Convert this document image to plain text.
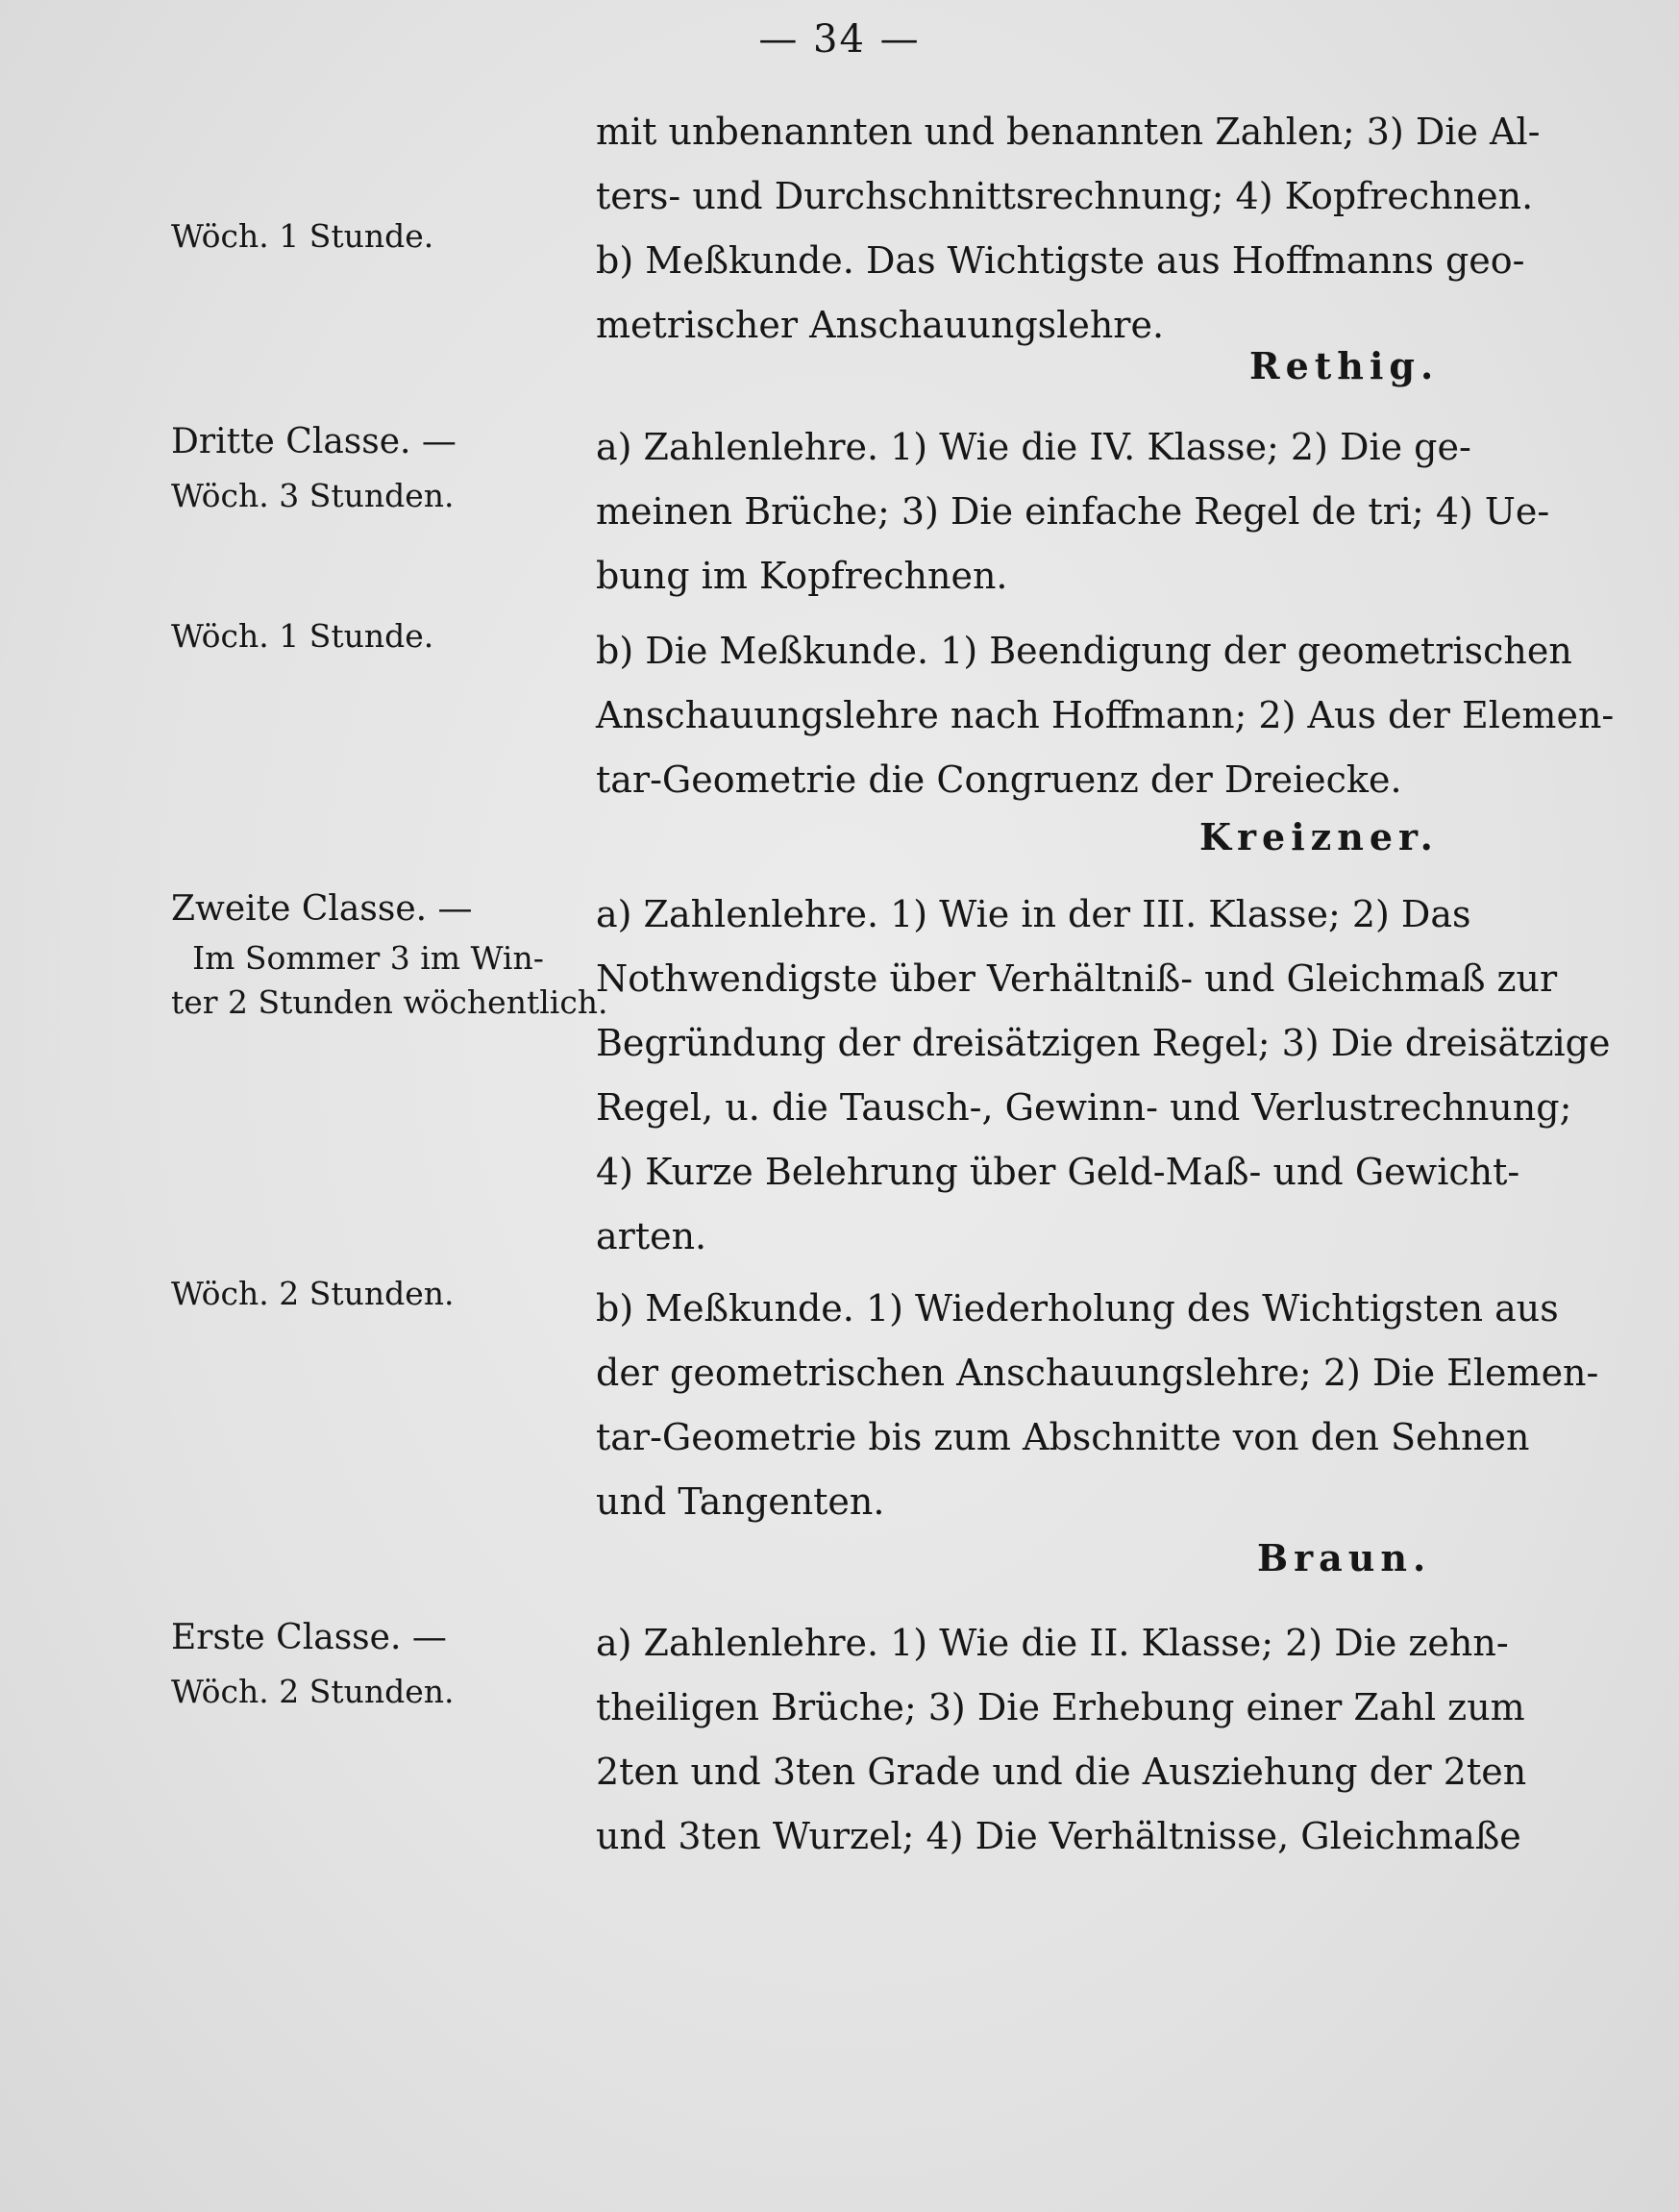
— 34 —
mit unbenannten und benannten Zahlen; 3) Die Al-
ters- und Durchschnittsrechnung; 4) Kopfrechnen.
Wöch. 1 Stunde.
b) Meßkunde. Das Wichtigste aus Hoffmanns geo-
metrischer Anschauungslehre.
Rethig.
Dritte Classe. —
Wöch. 3 Stunden.
a) Zahlenlehre. 1) Wie die IV. Klasse; 2) Die ge-
meinen Brüche; 3) Die einfache Regel de tri; 4) Ue-
bung im Kopfrechnen.
Wöch. 1 Stunde.	b) Die Meßkunde. 1) Beendigung der geometrischen
Anschauungslehre nach Hoffmann; 2) Aus der Elemen-
tar-Geometrie die Congruenz der Dreiecke.
Kreizner.
Zweite Classe. —
Im Sommer 3 im Win-
ter 2 Stunden wöchentlich.
a) Zahlenlehre. 1) Wie in der III. Klasse; 2) Das
Nothwendigste über Verhältniß- und Gleichmaß zur
Begründung der dreisätzigen Regel; 3) Die dreisätzige
Regel, u. die Tausch-, Gewinn- und Verlustrechnung;
4) Kurze Belehrung über Geld-Maß- und Gewicht-
arten.
Wöch. 2 Stunden.	b) Meßkunde. 1) Wiederholung des Wichtigsten aus
der geometrischen Anschauungslehre; 2) Die Elemen-
tar-Geometrie bis zum Abschnitte von den Sehnen
und Tangenten.
Braun.
Erste Classe. —
Wöch. 2 Stunden.
a) Zahlenlehre. 1) Wie die II. Klasse; 2) Die zehn-
theiligen Brüche; 3) Die Erhebung einer Zahl zum
2ten und 3ten Grade und die Ausziehung der 2ten
und 3ten Wurzel; 4) Die Verhältnisse, Gleichmaße
